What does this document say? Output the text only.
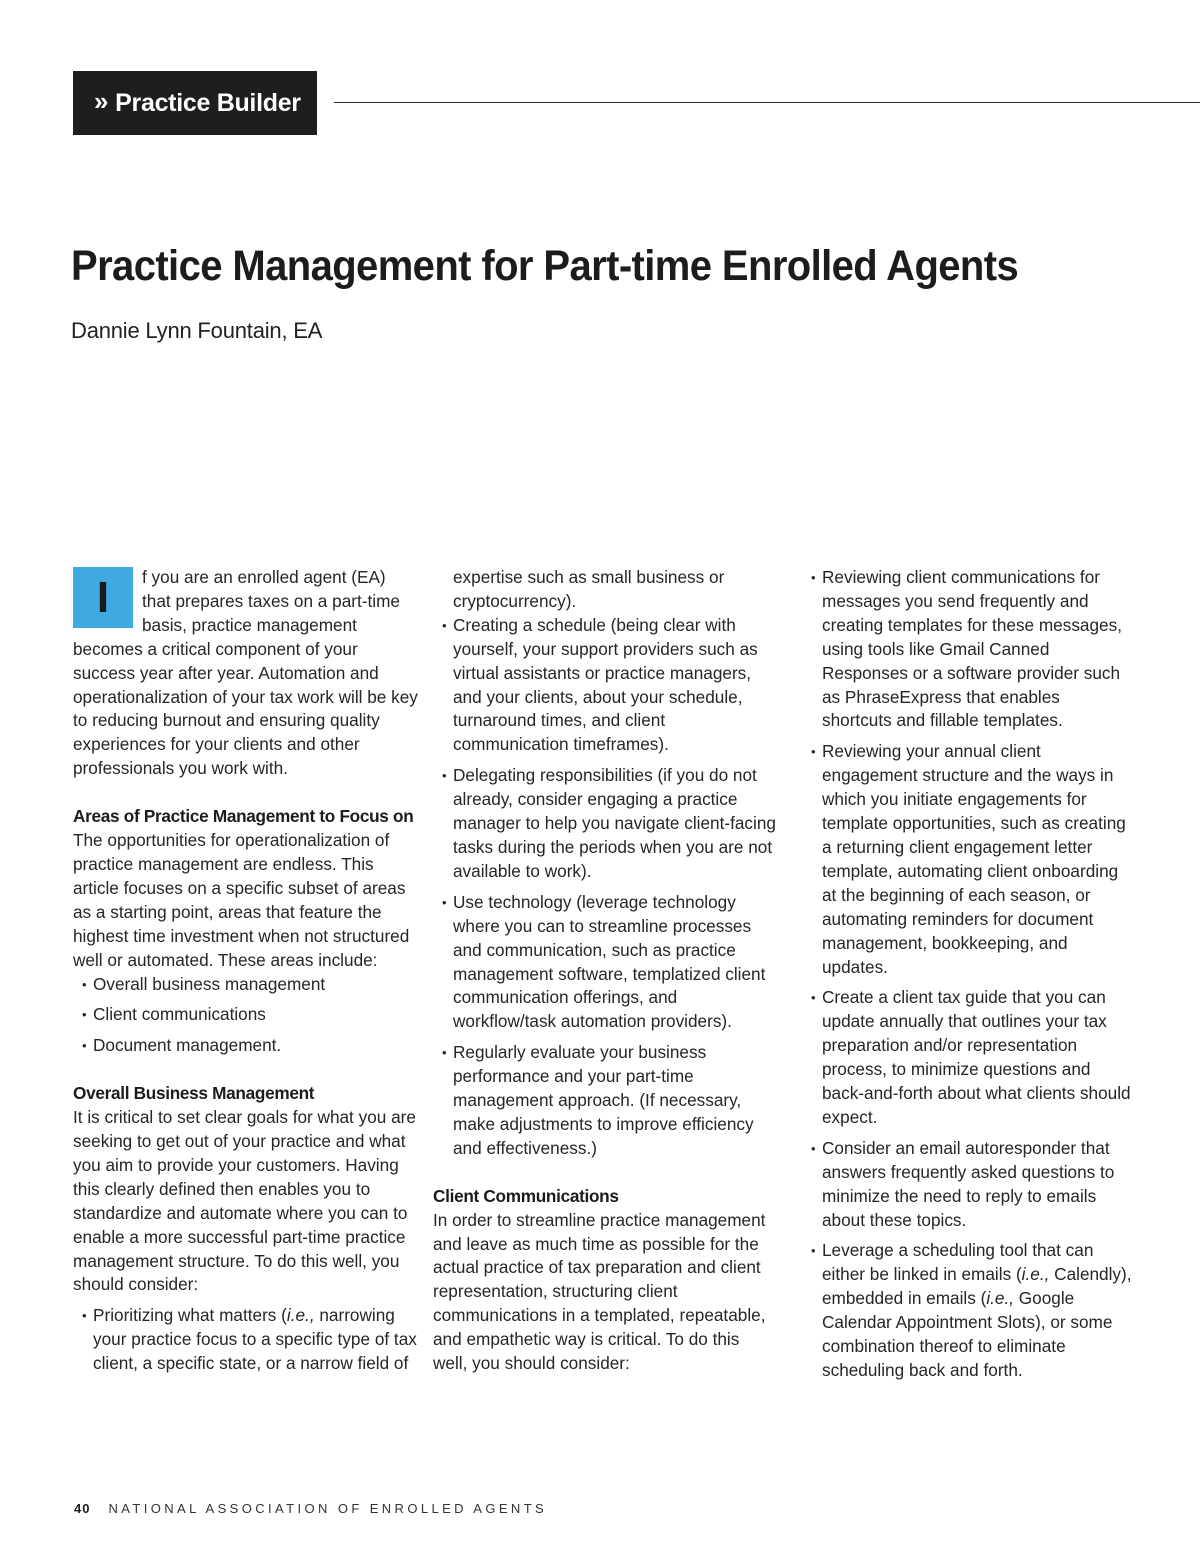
» Practice Builder
Practice Management for Part-time Enrolled Agents
Dannie Lynn Fountain, EA
I	f you are an enrolled agent (EA) that prepares taxes on a part-time basis, practice management becomes a critical component of your success year after year. Automation and operationalization of your tax work will be key to reducing burnout and ensuring quality experiences for your clients and other professionals you work with.

Areas of Practice Management to Focus on

The opportunities for operationalization of practice management are endless. This article focuses on a specific subset of areas as a starting point, areas that feature the highest time investment when not structured well or automated. These areas include:

• Overall business management
• Client communications
• Document management.
Overall Business Management

It is critical to set clear goals for what you are seeking to get out of your practice and what you aim to provide your customers. Having this clearly defined then enables you to standardize and automate where you can to enable a more successful part-time practice management structure. To do this well, you should consider:

• Prioritizing what matters (i.e., narrowing your practice focus to a specific type of tax client, a specific state, or a narrow field of

expertise such as small business or cryptocurrency).

• Creating a schedule (being clear with yourself, your support providers such as virtual assistants or practice managers, and your clients, about your schedule, turnaround times, and client communication timeframes).
• Delegating responsibilities (if you do not already, consider engaging a practice manager to help you navigate client-facing tasks during the periods when you are not available to work).
• Use technology (leverage technology where you can to streamline processes and communication, such as practice management software, templatized client communication offerings, and workflow/task automation providers).
• Regularly evaluate your business performance and your part-time management approach. (If necessary, make adjustments to improve efficiency and effectiveness.)
Client Communications

In order to streamline practice management and leave as much time as possible for the actual practice of tax preparation and client representation, structuring client communications in a templated, repeatable, and empathetic way is critical. To do this well, you should consider:

• Reviewing client communications for messages you send frequently and creating templates for these messages, using tools like Gmail Canned Responses or a software provider such as PhraseExpress that enables shortcuts and fillable templates.
• Reviewing your annual client engagement structure and the ways in which you initiate engagements for template opportunities, such as creating a returning client engagement letter template, automating client onboarding at the beginning of each season, or automating reminders for document management, bookkeeping, and updates.
• Create a client tax guide that you can update annually that outlines your tax preparation and/or representation process, to minimize questions and back-and-forth about what clients should expect.
• Consider an email autoresponder that answers frequently asked questions to minimize the need to reply to emails about these topics.
• Leverage a scheduling tool that can either be linked in emails (i.e., Calendly), embedded in emails (i.e., Google Calendar Appointment Slots), or some combination thereof to eliminate scheduling back and forth.
40 NATIONAL ASSOCIATION OF ENROLLED AGENTS
